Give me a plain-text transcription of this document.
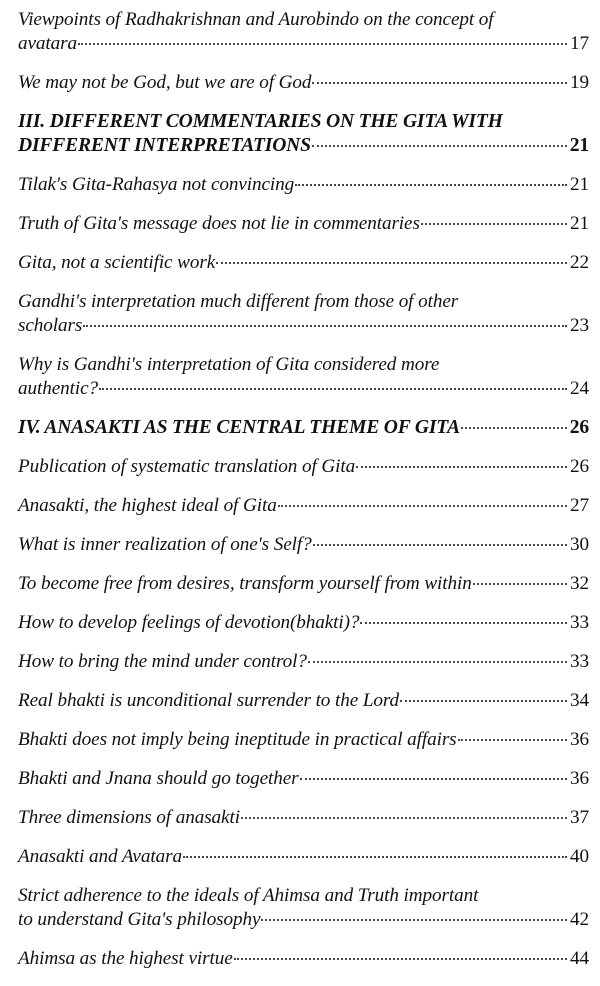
Viewpoints of Radhakrishnan and Aurobindo on the concept of
avatara	17
We may not be God, but we are of God	19
III. DIFFERENT COMMENTARIES ON THE GITA WITH
DIFFERENT INTERPRETATIONS	21
Tilak's Gita-Rahasya not convincing	21
Truth of Gita's message does not lie in commentaries	21
Gita, not a scientific work	22
Gandhi's interpretation much different from those of other
scholars	23
Why is Gandhi's interpretation of Gita considered more
authentic?	24
IV. ANASAKTI AS THE CENTRAL THEME OF GITA	26
Publication of systematic translation of Gita	26
Anasakti, the highest ideal of Gita	27
What is inner realization of one's Self?	30
To become free from desires, transform yourself from within	32
How to develop feelings of devotion(bhakti)?	33
How to bring the mind under control?	33
Real bhakti is unconditional surrender to the Lord	34
Bhakti does not imply being ineptitude in practical affairs	36
Bhakti and Jnana should go together	36
Three dimensions of anasakti	37
Anasakti and Avatara	40
Strict adherence to the ideals of Ahimsa and Truth important
to understand Gita's philosophy	42
Ahimsa as the highest virtue	44
